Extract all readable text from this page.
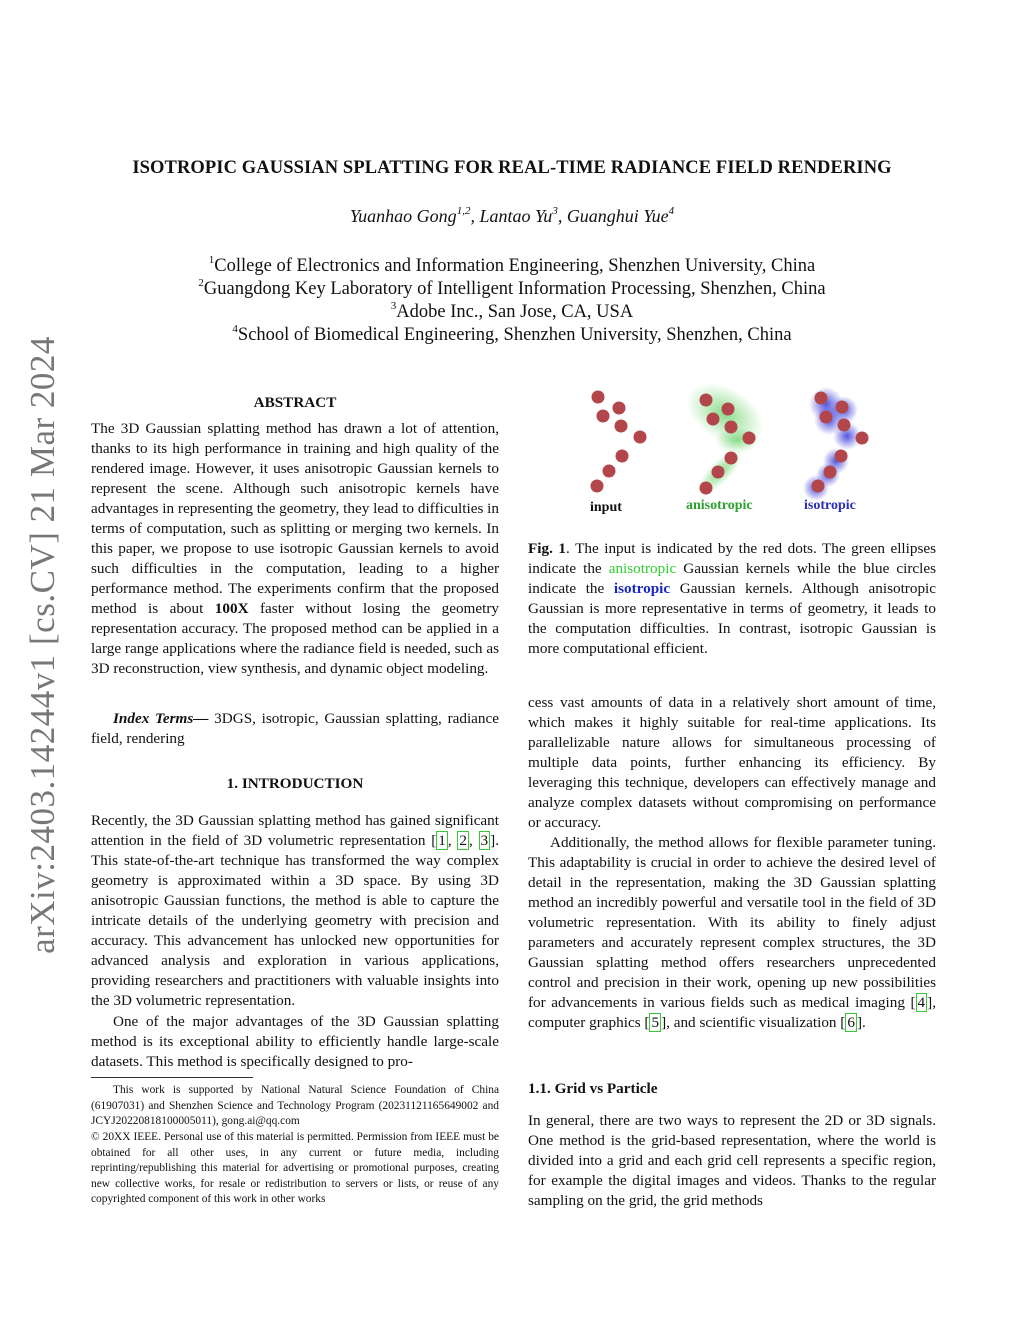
arXiv:2403.14244v1 [cs.CV] 21 Mar 2024
ISOTROPIC GAUSSIAN SPLATTING FOR REAL-TIME RADIANCE FIELD RENDERING
Yuanhao Gong$^{1,2}$, Lantao Yu$^3$, Guanghui Yue$^4$
$^1$College of Electronics and Information Engineering, Shenzhen University, China
$^2$Guangdong Key Laboratory of Intelligent Information Processing, Shenzhen, China
$^3$Adobe Inc., San Jose, CA, USA
$^4$School of Biomedical Engineering, Shenzhen University, Shenzhen, China
ABSTRACT
The 3D Gaussian splatting method has drawn a lot of attention, thanks to its high performance in training and high quality of the rendered image. However, it uses anisotropic Gaussian kernels to represent the scene. Although such anisotropic kernels have advantages in representing the geometry, they lead to difficulties in terms of computation, such as splitting or merging two kernels. In this paper, we propose to use isotropic Gaussian kernels to avoid such difficulties in the computation, leading to a higher performance method. The experiments confirm that the proposed method is about 100X faster without losing the geometry representation accuracy. The proposed method can be applied in a large range applications where the radiance field is needed, such as 3D reconstruction, view synthesis, and dynamic object modeling.
Index Terms— 3DGS, isotropic, Gaussian splatting, radiance field, rendering
1. INTRODUCTION
Recently, the 3D Gaussian splatting method has gained significant attention in the field of 3D volumetric representation [ 1 , 2 , 3 ]. This state-of-the-art technique has transformed the way complex geometry is approximated within a 3D space. By using 3D anisotropic Gaussian functions, the method is able to capture the intricate details of the underlying geometry with precision and accuracy. This advancement has unlocked new opportunities for advanced analysis and exploration in various applications, providing researchers and practitioners with valuable insights into the 3D volumetric representation.
One of the major advantages of the 3D Gaussian splatting method is its exceptional ability to efficiently handle large-scale datasets. This method is specifically designed to pro-
This work is supported by National Natural Science Foundation of China (61907031) and Shenzhen Science and Technology Program (20231121165649002 and JCYJ20220818100005011), gong.ai@qq.com
© 20XX IEEE. Personal use of this material is permitted. Permission from IEEE must be obtained for all other uses, in any current or future media, including reprinting/republishing this material for advertising or promotional purposes, creating new collective works, for resale or redistribution to servers or lists, or reuse of any copyrighted component of this work in other works
input	anisotropic	isotropic
Fig. 1. The input is indicated by the red dots. The green ellipses indicate the anisotropic Gaussian kernels while the blue circles indicate the isotropic Gaussian kernels. Although anisotropic Gaussian is more representative in terms of geometry, it leads to the computation difficulties. In contrast, isotropic Gaussian is more computational efficient.
cess vast amounts of data in a relatively short amount of time, which makes it highly suitable for real-time applications. Its parallelizable nature allows for simultaneous processing of multiple data points, further enhancing its efficiency. By leveraging this technique, developers can effectively manage and analyze complex datasets without compromising on performance or accuracy.
Additionally, the method allows for flexible parameter tuning. This adaptability is crucial in order to achieve the desired level of detail in the representation, making the 3D Gaussian splatting method an incredibly powerful and versatile tool in the field of 3D volumetric representation. With its ability to finely adjust parameters and accurately represent complex structures, the 3D Gaussian splatting method offers researchers unprecedented control and precision in their work, opening up new possibilities for advancements in various fields such as medical imaging [ 4 ], computer graphics [ 5 ], and scientific visualization [ 6 ].
1.1. Grid vs Particle
In general, there are two ways to represent the 2D or 3D signals. One method is the grid-based representation, where the world is divided into a grid and each grid cell represents a specific region, for example the digital images and videos. Thanks to the regular sampling on the grid, the grid methods
